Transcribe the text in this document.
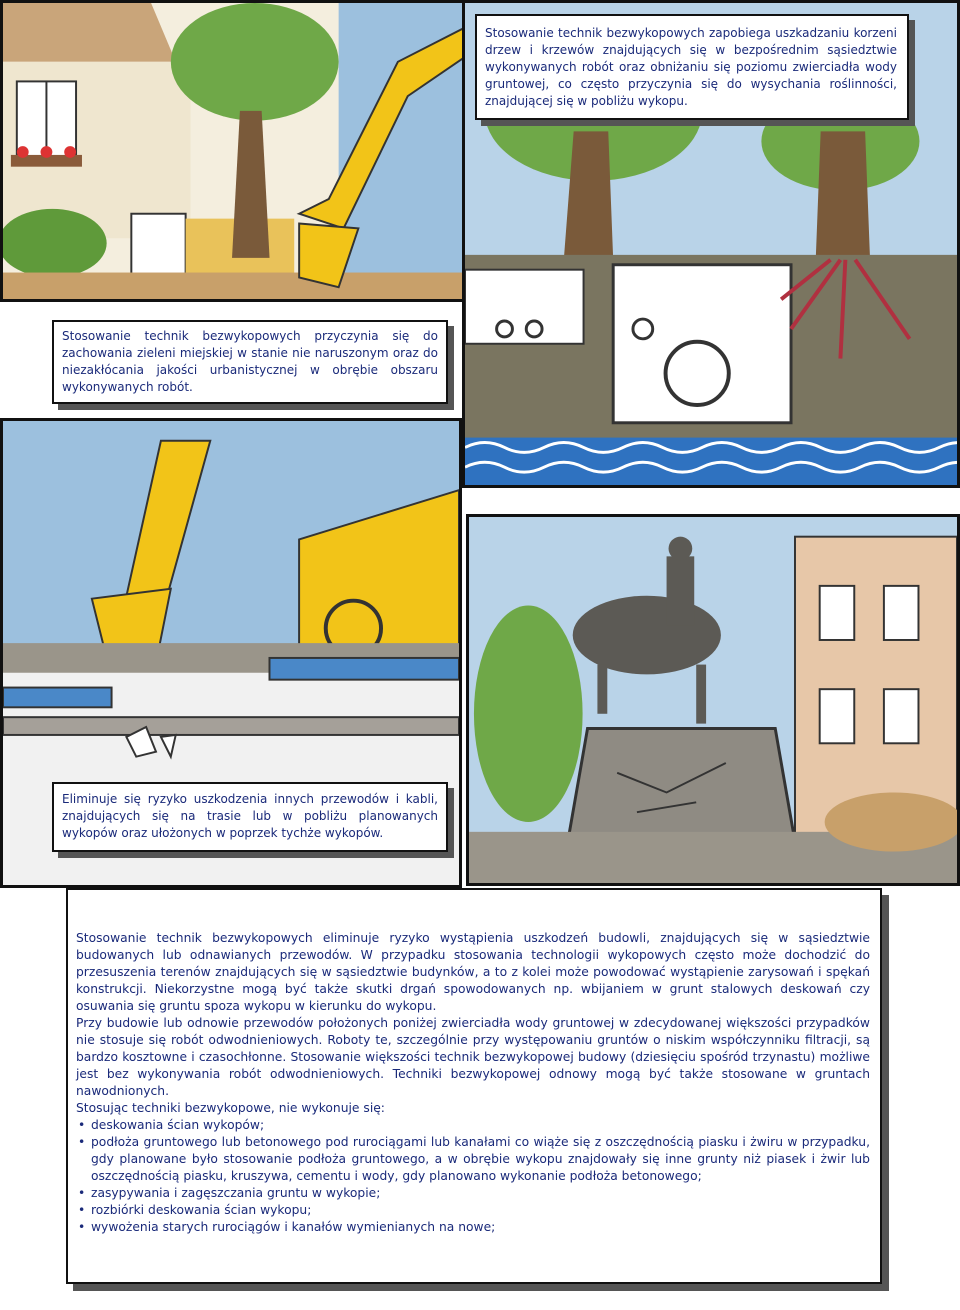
Stosowanie technik bezwykopowych zapobiega uszkadzaniu korzeni drzew i krzewów znajdujących się w bezpośrednim sąsiedztwie wykonywanych robót oraz obniżaniu się poziomu zwierciadła wody gruntowej, co często przyczynia się do wysychania roślinności, znajdującej się w pobliżu wykopu.

Stosowanie technik bezwykopowych przyczynia się do zachowania zieleni miejskiej w stanie nie naruszonym oraz do niezakłócania jakości urbanistycznej w obrębie obszaru wykonywanych robót.

Eliminuje się ryzyko uszkodzenia innych przewodów i kabli, znajdujących się na trasie lub w pobliżu planowanych wykopów oraz ułożonych w poprzek tychże wykopów.

Stosowanie technik bezwykopowych eliminuje ryzyko wystąpienia uszkodzeń budowli, znajdujących się w sąsiedztwie budowanych lub odnawianych przewodów. W przypadku stosowania technologii wykopowych często może dochodzić do przesuszenia terenów znajdujących się w sąsiedztwie budynków, a to z kolei może powodować wystąpienie zarysowań i spękań konstrukcji. Niekorzystne mogą być także skutki drgań spowodowanych np. wbijaniem w grunt stalowych deskowań czy osuwania się gruntu spoza wykopu w kierunku do wykopu.

Przy budowie lub odnowie przewodów położonych poniżej zwierciadła wody gruntowej w zdecydowanej większości przypadków nie stosuje się robót odwodnieniowych. Roboty te, szczególnie przy występowaniu gruntów o niskim współczynniku filtracji, są bardzo kosztowne i czasochłonne. Stosowanie większości technik bezwykopowej budowy (dziesięciu spośród trzynastu) możliwe jest bez wykonywania robót odwodnieniowych. Techniki bezwykopowej odnowy mogą być także stosowane w gruntach nawodnionych.

Stosując techniki bezwykopowe, nie wykonuje się:

• deskowania ścian wykopów;
• podłoża gruntowego lub betonowego pod rurociągami lub kanałami co wiąże się z oszczędnością piasku i żwiru w przypadku, gdy planowane było stosowanie podłoża gruntowego, a w obrębie wykopu znajdowały się inne grunty niż piasek i żwir lub oszczędnością piasku, kruszywa, cementu i wody, gdy planowano wykonanie podłoża betonowego;
• zasypywania i zagęszczania gruntu w wykopie;
• rozbiórki deskowania ścian wykopu;
• wywożenia starych rurociągów i kanałów wymienianych na nowe;
